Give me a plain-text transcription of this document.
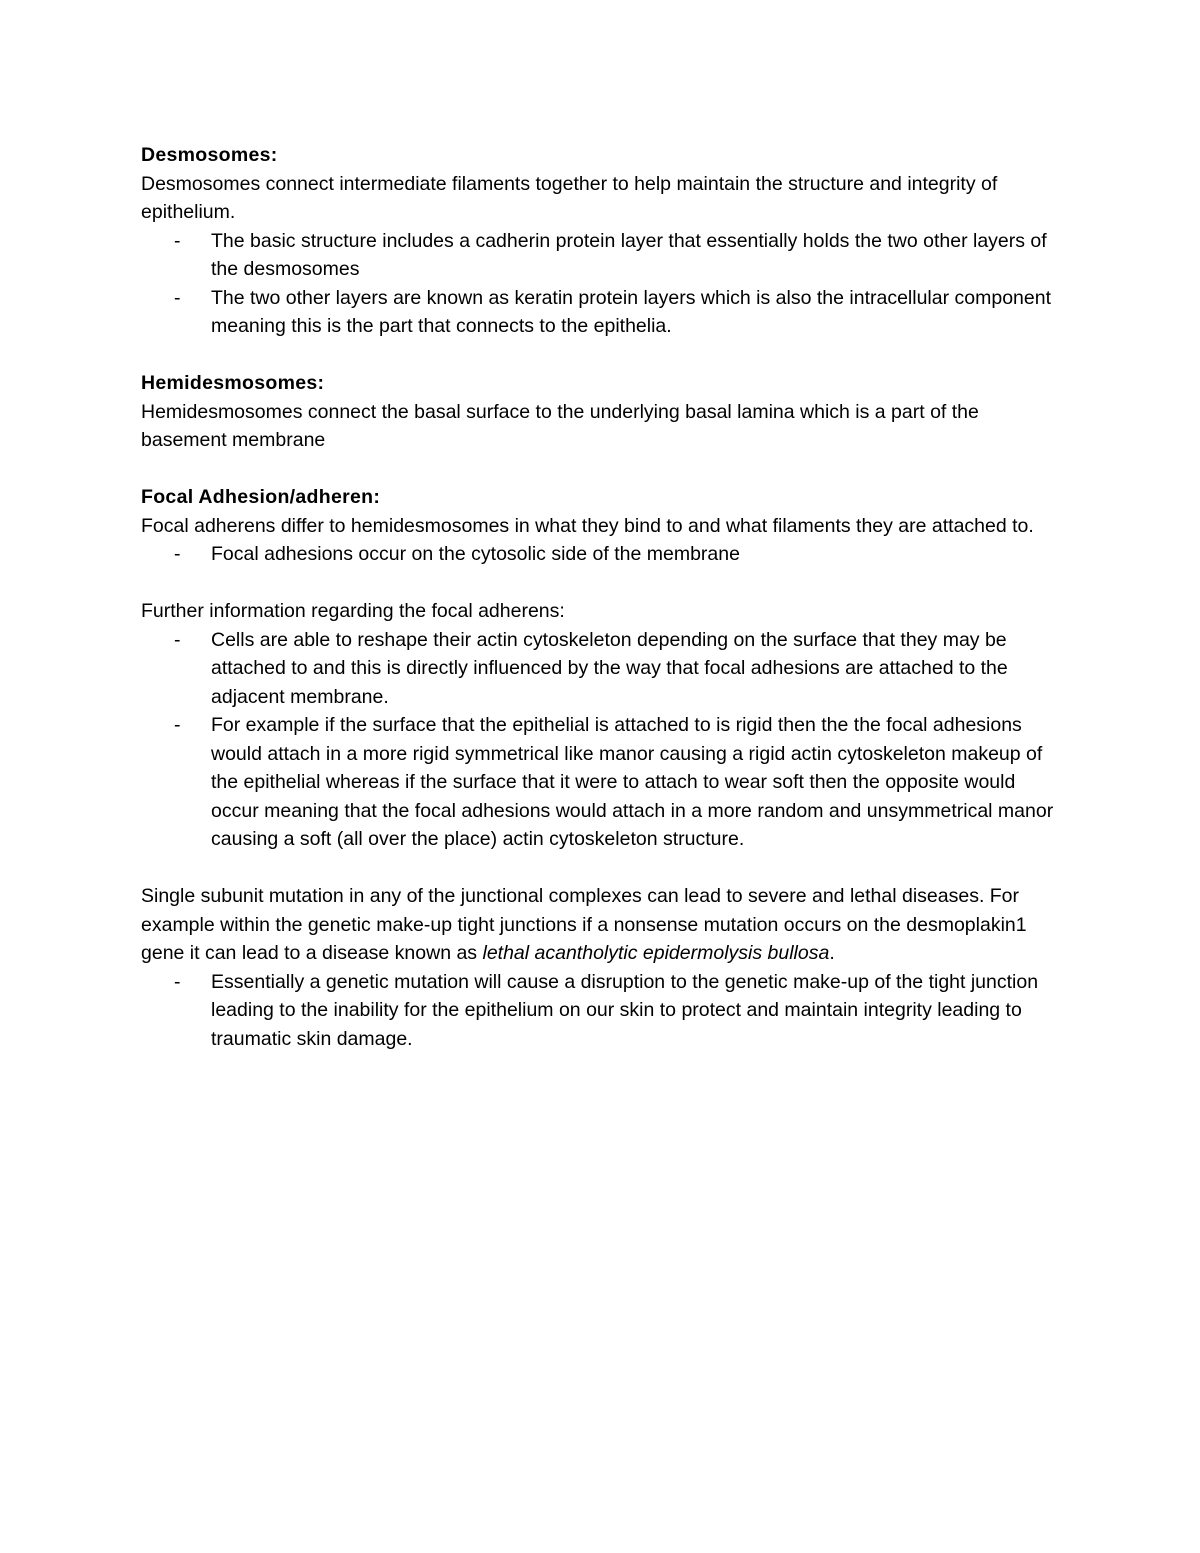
Desmosomes:

Desmosomes connect intermediate filaments together to help maintain the structure and integrity of epithelium.

- The basic structure includes a cadherin protein layer that essentially holds the two other layers of the desmosomes
- The two other layers are known as keratin protein layers which is also the intracellular component meaning this is the part that connects to the epithelia.

Hemidesmosomes:

Hemidesmosomes connect the basal surface to the underlying basal lamina which is a part of the basement membrane

Focal Adhesion/adheren:

Focal adherens differ to hemidesmosomes in what they bind to and what filaments they are attached to.

- Focal adhesions occur on the cytosolic side of the membrane

Further information regarding the focal adherens:

- Cells are able to reshape their actin cytoskeleton depending on the surface that they may be attached to and this is directly influenced by the way that focal adhesions are attached to the adjacent membrane.
- For example if the surface that the epithelial is attached to is rigid then the the focal adhesions would attach in a more rigid symmetrical like manor causing a rigid actin cytoskeleton makeup of the epithelial whereas if the surface that it were to attach to wear soft then the opposite would occur meaning that the focal adhesions would attach in a more random and unsymmetrical manor causing a soft (all over the place) actin cytoskeleton structure.

Single subunit mutation in any of the junctional complexes can lead to severe and lethal diseases. For example within the genetic make-up tight junctions if a nonsense mutation occurs on the desmoplakin1 gene it can lead to a disease known as lethal acantholytic epidermolysis bullosa.

- Essentially a genetic mutation will cause a disruption to the genetic make-up of the tight junction leading to the inability for the epithelium on our skin to protect and maintain integrity leading to traumatic skin damage.
